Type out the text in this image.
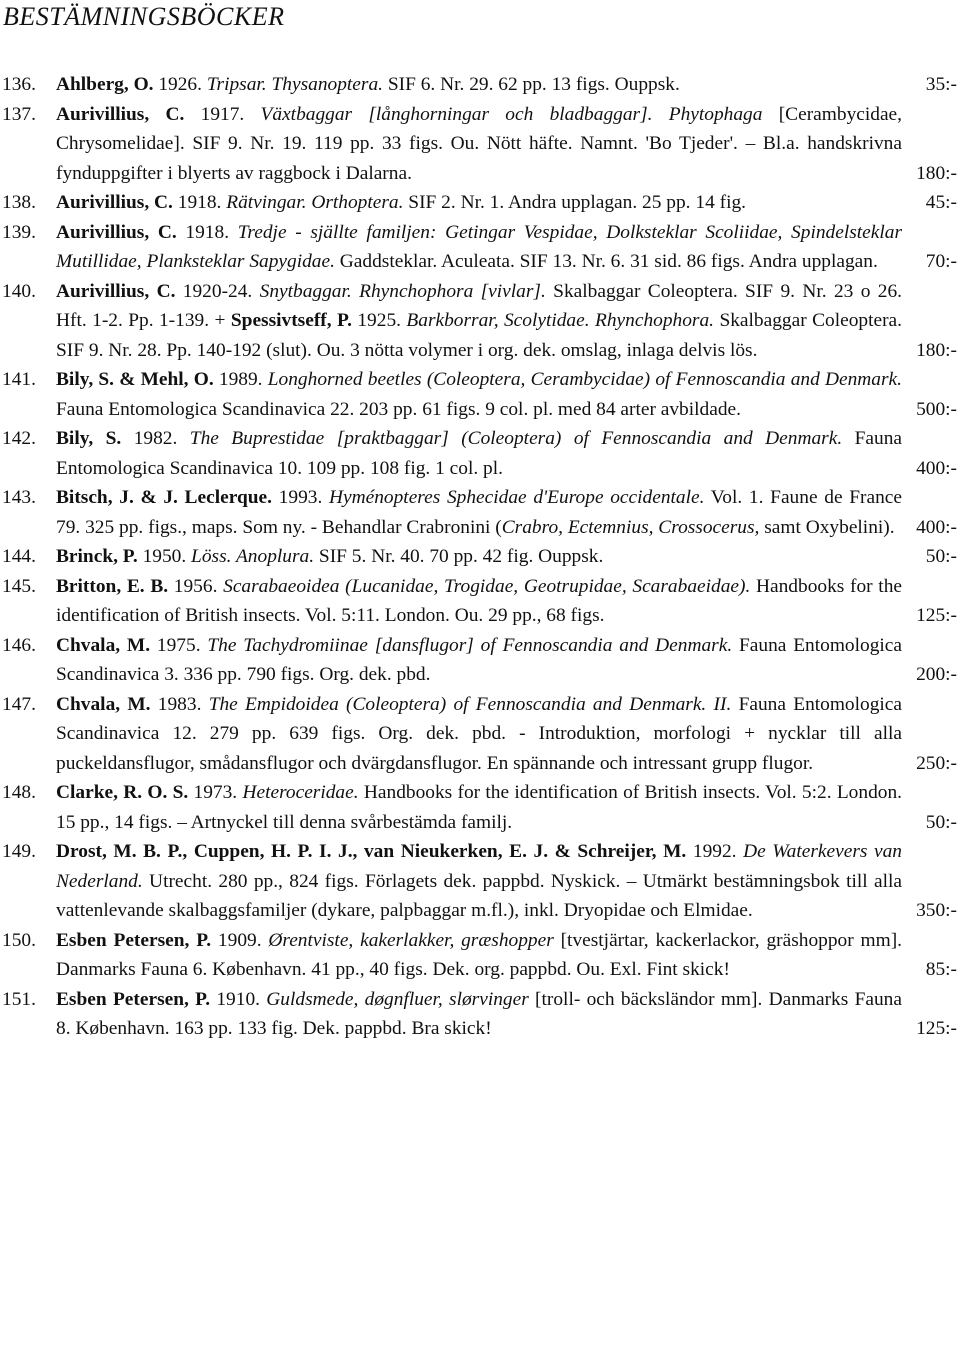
BESTÄMNINGSBÖCKER
136. Ahlberg, O. 1926. Tripsar. Thysanoptera. SIF 6. Nr. 29. 62 pp. 13 figs. Ouppsk.	35:-
137. Aurivillius, C. 1917. Växtbaggar [långhorningar och bladbaggar]. Phytophaga [Cerambycidae, Chrysomelidae]. SIF 9. Nr. 19. 119 pp. 33 figs. Ou. Nött häfte. Namnt. 'Bo Tjeder'. – Bl.a. handskrivna fynduppgifter i blyerts av raggbock i Dalarna.	180:-
138. Aurivillius, C. 1918. Rätvingar. Orthoptera. SIF 2. Nr. 1. Andra upplagan. 25 pp. 14 fig.	45:-
139. Aurivillius, C. 1918. Tredje - själlte familjen: Getingar Vespidae, Dolksteklar Scoliidae, Spindelsteklar Mutillidae, Planksteklar Sapygidae. Gaddsteklar. Aculeata. SIF 13. Nr. 6. 31 sid. 86 figs. Andra upplagan.	70:-
140. Aurivillius, C. 1920-24. Snytbaggar. Rhynchophora [vivlar]. Skalbaggar Coleoptera. SIF 9. Nr. 23 o 26. Hft. 1-2. Pp. 1-139. + Spessivtseff, P. 1925. Barkborrar, Scolytidae. Rhynchophora. Skalbaggar Coleoptera. SIF 9. Nr. 28. Pp. 140-192 (slut). Ou. 3 nötta volymer i org. dek. omslag, inlaga delvis lös.	180:-
141. Bily, S. & Mehl, O. 1989. Longhorned beetles (Coleoptera, Cerambycidae) of Fennoscandia and Denmark. Fauna Entomologica Scandinavica 22. 203 pp. 61 figs. 9 col. pl. med 84 arter avbildade.	500:-
142. Bily, S. 1982. The Buprestidae [praktbaggar] (Coleoptera) of Fennoscandia and Denmark. Fauna Entomologica Scandinavica 10. 109 pp. 108 fig. 1 col. pl.	400:-
143. Bitsch, J. & J. Leclerque. 1993. Hyménopteres Sphecidae d'Europe occidentale. Vol. 1. Faune de France 79. 325 pp. figs., maps. Som ny. - Behandlar Crabronini (Crabro, Ectemnius, Crossocerus, samt Oxybelini).	400:-
144. Brinck, P. 1950. Löss. Anoplura. SIF 5. Nr. 40. 70 pp. 42 fig. Ouppsk.	50:-
145. Britton, E. B. 1956. Scarabaeoidea (Lucanidae, Trogidae, Geotrupidae, Scarabaeidae). Handbooks for the identification of British insects. Vol. 5:11. London. Ou. 29 pp., 68 figs.	125:-
146. Chvala, M. 1975. The Tachydromiinae [dansflugor] of Fennoscandia and Denmark. Fauna Entomologica Scandinavica 3. 336 pp. 790 figs. Org. dek. pbd.	200:-
147. Chvala, M. 1983. The Empidoidea (Coleoptera) of Fennoscandia and Denmark. II. Fauna Entomologica Scandinavica 12. 279 pp. 639 figs. Org. dek. pbd. - Introduktion, morfologi + nycklar till alla puckeldansflugor, smådansflugor och dvärgdansflugor. En spännande och intressant grupp flugor.	250:-
148. Clarke, R. O. S. 1973. Heteroceridae. Handbooks for the identification of British insects. Vol. 5:2. London. 15 pp., 14 figs. – Artnyckel till denna svårbestämda familj.	50:-
149. Drost, M. B. P., Cuppen, H. P. I. J., van Nieukerken, E. J. & Schreijer, M. 1992. De Waterkevers van Nederland. Utrecht. 280 pp., 824 figs. Förlagets dek. pappbd. Nyskick. – Utmärkt bestämningsbok till alla vattenlevande skalbaggsfamiljer (dykare, palpbaggar m.fl.), inkl. Dryopidae och Elmidae.	350:-
150. Esben Petersen, P. 1909. Ørentviste, kakerlakker, græshopper [tvestjärtar, kackerlackor, gräshoppor mm]. Danmarks Fauna 6. København. 41 pp., 40 figs. Dek. org. pappbd. Ou. Exl. Fint skick!	85:-
151. Esben Petersen, P. 1910. Guldsmede, døgnfluer, slørvinger [troll- och bäcksländor mm]. Danmarks Fauna 8. København. 163 pp. 133 fig. Dek. pappbd. Bra skick!	125:-
